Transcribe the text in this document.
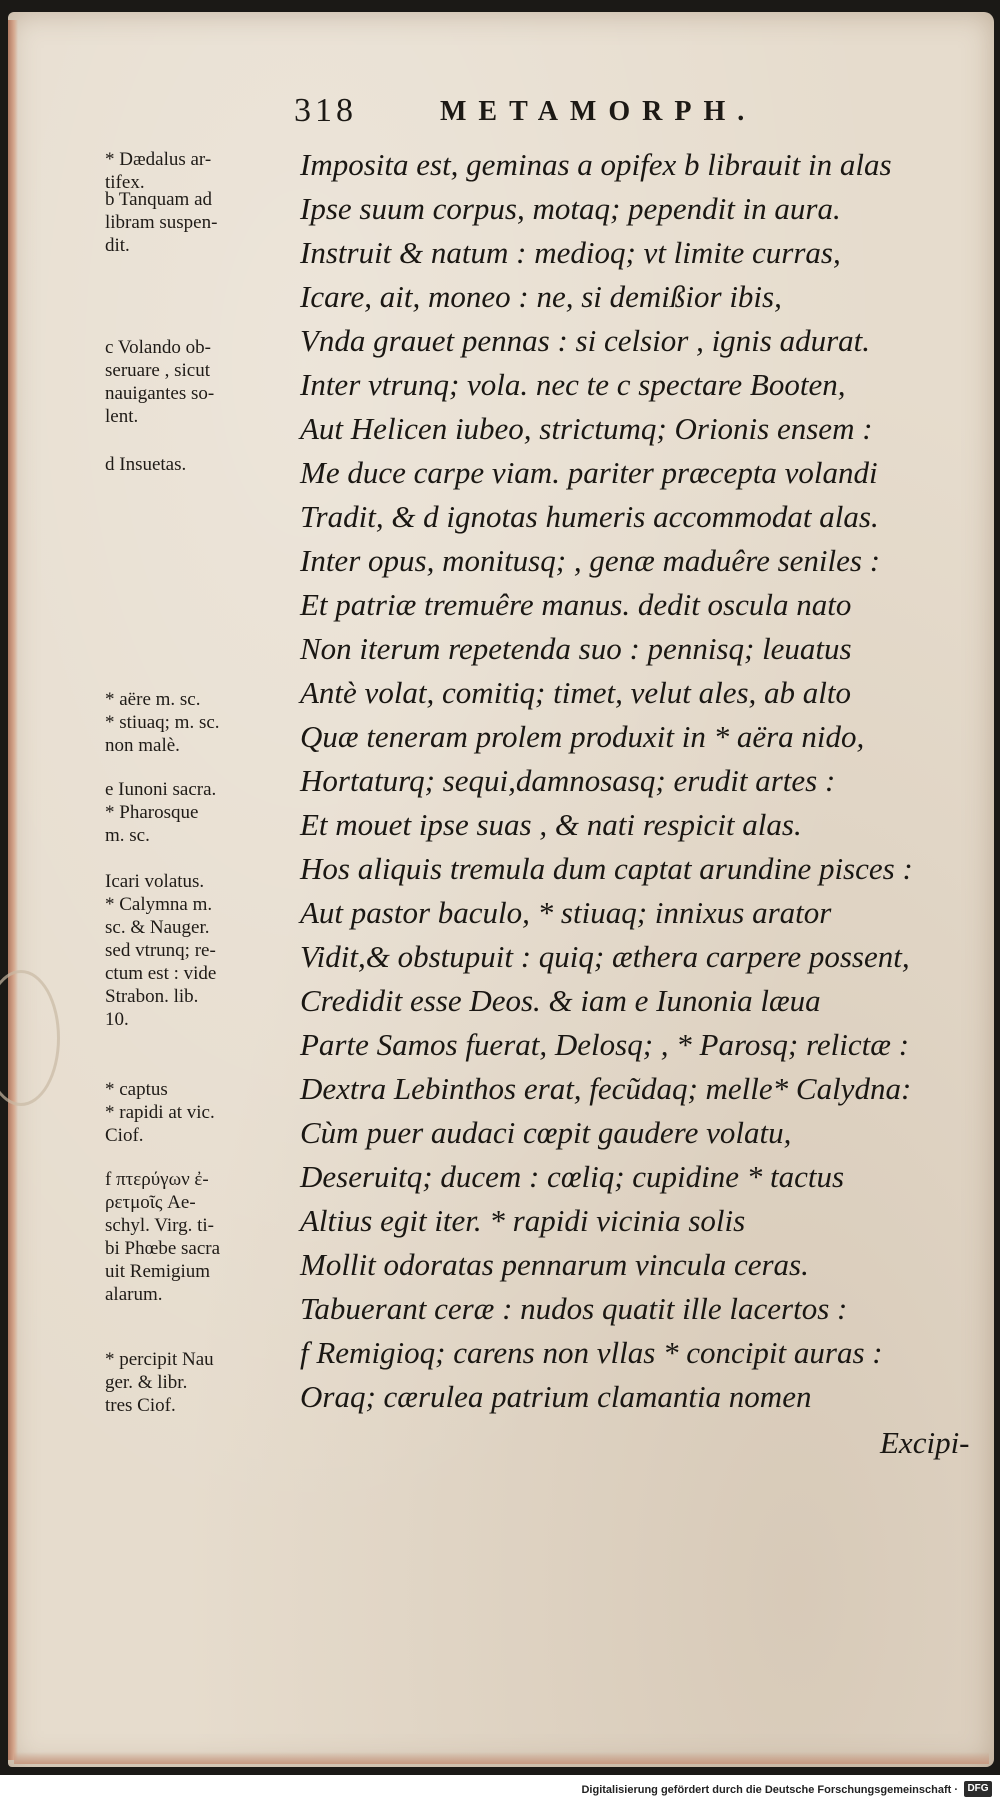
318	METAMORPH.
* Dædalus ar-
tifex.
b Tanquam ad
libram suspen-
dit.
c Volando ob-
seruare , sicut
nauigantes so-
lent.
d Insuetas.
* aëre m. sc.
* stiuaq; m. sc.
non malè.
e Iunoni sacra.
* Pharosque
m. sc.
Icari volatus.
* Calymna m.
sc. & Nauger.
sed vtrunq; re-
ctum est : vide
Strabon. lib.
10.
* captus
* rapidi at vic.
Ciof.
f πτερύγων ἐ-
ρετμοῖς Ae-
schyl. Virg. ti-
bi Phœbe sacra
uit Remigium
alarum.
* percipit Nau
ger. & libr.
tres Ciof.
Imposita est, geminas a opifex b librauit in alas
Ipse suum corpus, motaq; pependit in aura.
Instruit & natum : medioq; vt limite curras,
Icare, ait, moneo : ne, si demißior ibis,
Vnda grauet pennas : si celsior , ignis adurat.
Inter vtrunq; vola. nec te c spectare Booten,
Aut Helicen iubeo, strictumq; Orionis ensem :
Me duce carpe viam. pariter præcepta volandi
Tradit, & d ignotas humeris accommodat alas.
Inter opus, monitusq; , genæ maduêre seniles :
Et patriæ tremuêre manus. dedit oscula nato
Non iterum repetenda suo : pennisq; leuatus
Antè volat, comitiq; timet, velut ales, ab alto
Quæ teneram prolem produxit in * aëra nido,
Hortaturq; sequi,damnosasq; erudit artes :
Et mouet ipse suas , & nati respicit alas.
Hos aliquis tremula dum captat arundine pisces :
Aut pastor baculo, * stiuaq; innixus arator
Vidit,& obstupuit : quiq; æthera carpere possent,
Credidit esse Deos. & iam e Iunonia læua
Parte Samos fuerat, Delosq; , * Parosq; relictæ :
Dextra Lebinthos erat, fecũdaq; melle* Calydna:
Cùm puer audaci cœpit gaudere volatu,
Deseruitq; ducem : cœliq; cupidine * tactus
Altius egit iter. * rapidi vicinia solis
Mollit odoratas pennarum vincula ceras.
Tabuerant ceræ : nudos quatit ille lacertos :
f Remigioq; carens non vllas * concipit auras :
Oraq; cærulea patrium clamantia nomen
Excipi-
Digitalisierung gefördert durch die Deutsche Forschungsgemeinschaft · DFG
